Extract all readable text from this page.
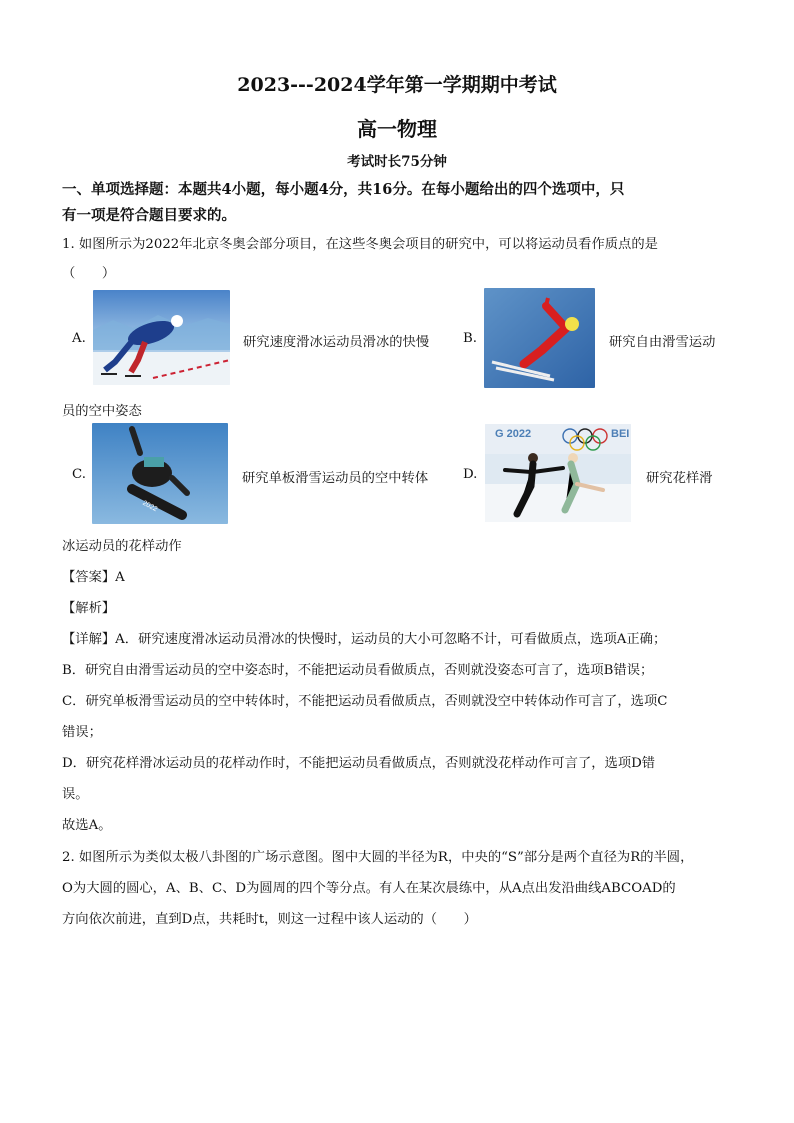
2023---2024学年第一学期期中考试
高一物理
考试时长75分钟
一、单项选择题：本题共4小题，每小题4分，共16分。在每小题给出的四个选项中，只
有一项是符合题目要求的。
1. 如图所示为2022年北京冬奥会部分项目，在这些冬奥会项目的研究中，可以将运动员看作质点的是
（　　）
A.	研究速度滑冰运动员滑冰的快慢	B.	研究自由滑雪运动
员的空中姿态
C.
2022
研究单板滑雪运动员的空中转体	D.
G 2022	BEI
研究花样滑
冰运动员的花样动作
【答案】A
【解析】
【详解】A．研究速度滑冰运动员滑冰的快慢时，运动员的大小可忽略不计，可看做质点，选项A正确；
B．研究自由滑雪运动员的空中姿态时，不能把运动员看做质点，否则就没姿态可言了，选项B错误；
C．研究单板滑雪运动员的空中转体时，不能把运动员看做质点，否则就没空中转体动作可言了，选项C
错误；
D．研究花样滑冰运动员的花样动作时，不能把运动员看做质点，否则就没花样动作可言了，选项D错
误。
故选A。
2. 如图所示为类似太极八卦图的广场示意图。图中大圆的半径为R，中央的“S”部分是两个直径为R的半圆，
O为大圆的圆心，A、B、C、D为圆周的四个等分点。有人在某次晨练中，从A点出发沿曲线ABCOAD的
方向依次前进，直到D点，共耗时t，则这一过程中该人运动的（　　）
